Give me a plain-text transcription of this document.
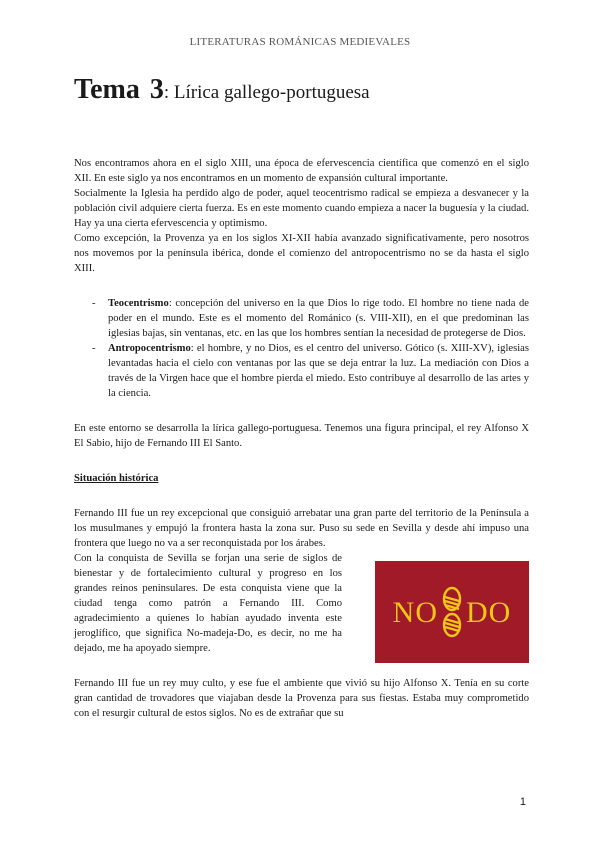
LITERATURAS ROMÁNICAS MEDIEVALES
Tema 3: Lírica gallego-portuguesa

Nos encontramos ahora en el siglo XIII, una época de efervescencia científica que comenzó en el siglo XII. En este siglo ya nos encontramos en un momento de expansión cultural importante.

Socialmente la Iglesia ha perdido algo de poder, aquel teocentrismo radical se empieza a desvanecer y la población civil adquiere cierta fuerza. Es en este momento cuando empieza a nacer la buguesía y la ciudad. Hay ya una cierta efervescencia y optimismo.

Como excepción, la Provenza ya en los siglos XI-XII había avanzado significativamente, pero nosotros nos movemos por la península ibérica, donde el comienzo del antropocentrismo no se da hasta el siglo XIII.

- Teocentrismo: concepción del universo en la que Dios lo rige todo. El hombre no tiene nada de poder en el mundo. Este es el momento del Románico (s. VIII-XII), en el que predominan las iglesias bajas, sin ventanas, etc. en las que los hombres sentían la necesidad de protegerse de Dios.
- Antropocentrismo: el hombre, y no Dios, es el centro del universo. Gótico (s. XIII-XV), iglesias levantadas hacia el cielo con ventanas por las que se deja entrar la luz. La mediación con Dios a través de la Virgen hace que el hombre pierda el miedo. Esto contribuye al desarrollo de las artes y la ciencia.

En este entorno se desarrolla la lírica gallego-portuguesa. Tenemos una figura principal, el rey Alfonso X El Sabio, hijo de Fernando III El Santo.

Situación histórica

Fernando III fue un rey excepcional que consiguió arrebatar una gran parte del territorio de la Península a los musulmanes y empujó la frontera hasta la zona sur. Puso su sede en Sevilla y desde ahí impuso una frontera que luego no va a ser reconquistada por los árabes.

Con la conquista de Sevilla se forjan una serie de siglos de bienestar y de fortalecimiento cultural y progreso en los grandes reinos peninsulares. De esta conquista viene que la ciudad tenga como patrón a Fernando III. Como agradecimiento a quienes lo habían ayudado inventa este jeroglífico, que significa No-madeja-Do, es decir, no me ha dejado, me ha apoyado siempre.

NO DO

Fernando III fue un rey muy culto, y ese fue el ambiente que vivió su hijo Alfonso X. Tenía en su corte gran cantidad de trovadores que viajaban desde la Provenza para sus fiestas. Estaba muy comprometido con el resurgir cultural de estos siglos. No es de extrañar que su

1
